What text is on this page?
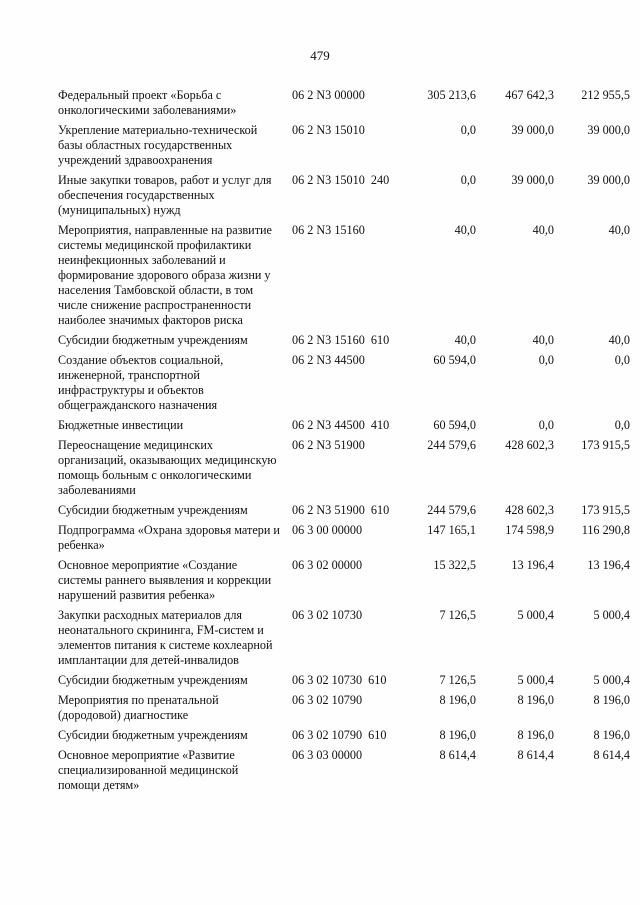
479
Федеральный проект «Борьба с онкологическими заболеваниями»	06 2 N3 00000	305 213,6	467 642,3	212 955,5
Укрепление материально-технической базы областных государственных учреждений здравоохранения	06 2 N3 15010	0,0	39 000,0	39 000,0
Иные закупки товаров, работ и услуг для обеспечения государственных (муниципальных) нужд	06 2 N3 15010  240	0,0	39 000,0	39 000,0
Мероприятия, направленные на развитие системы медицинской профилактики неинфекционных заболеваний и формирование здорового образа жизни у населения Тамбовской области, в том числе снижение распространенности наиболее значимых факторов риска	06 2 N3 15160	40,0	40,0	40,0
Субсидии бюджетным учреждениям	06 2 N3 15160  610	40,0	40,0	40,0
Создание объектов социальной, инженерной, транспортной инфраструктуры и объектов общегражданского назначения	06 2 N3 44500	60 594,0	0,0	0,0
Бюджетные инвестиции	06 2 N3 44500  410	60 594,0	0,0	0,0
Переоснащение медицинских организаций, оказывающих медицинскую помощь больным с онкологическими заболеваниями	06 2 N3 51900	244 579,6	428 602,3	173 915,5
Субсидии бюджетным учреждениям	06 2 N3 51900  610	244 579,6	428 602,3	173 915,5
Подпрограмма «Охрана здоровья матери и ребенка»	06 3 00 00000	147 165,1	174 598,9	116 290,8
Основное мероприятие «Создание системы раннего выявления и коррекции нарушений развития ребенка»	06 3 02 00000	15 322,5	13 196,4	13 196,4
Закупки расходных материалов для неонатального скрининга, FM-систем и элементов питания к системе кохлеарной имплантации для детей-инвалидов	06 3 02 10730	7 126,5	5 000,4	5 000,4
Субсидии бюджетным учреждениям	06 3 02 10730  610	7 126,5	5 000,4	5 000,4
Мероприятия по пренатальной (дородовой) диагностике	06 3 02 10790	8 196,0	8 196,0	8 196,0
Субсидии бюджетным учреждениям	06 3 02 10790  610	8 196,0	8 196,0	8 196,0
Основное мероприятие «Развитие специализированной медицинской помощи детям»	06 3 03 00000	8 614,4	8 614,4	8 614,4
